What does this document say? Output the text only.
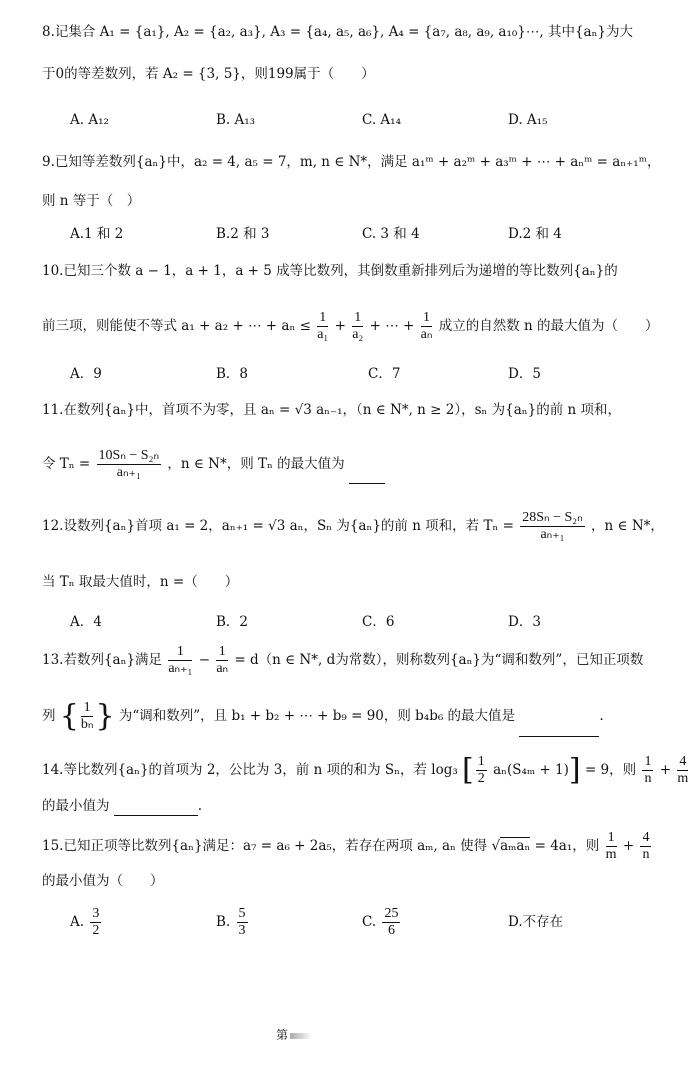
8.记集合 A₁ = {a₁}, A₂ = {a₂, a₃}, A₃ = {a₄, a₅, a₆}, A₄ = {a₇, a₈, a₉, a₁₀}⋯, 其中{aₙ}为大
于0的等差数列，若 A₂ = {3, 5}，则199属于（　　）
A. A₁₂	B. A₁₃	C. A₁₄	D. A₁₅
9.已知等差数列{aₙ}中，a₂ = 4, a₅ = 7，m, n ∈ N*，满足 a₁ᵐ + a₂ᵐ + a₃ᵐ + ⋯ + aₙᵐ = aₙ₊₁ᵐ，
则 n 等于（　）
A.1 和 2	B.2 和 3	C. 3 和 4	D.2 和 4
10.已知三个数 a − 1，a + 1，a + 5 成等比数列，其倒数重新排列后为递增的等比数列{aₙ}的
前三项，则能使不等式 a₁ + a₂ + ⋯ + $a_n \le \frac{1}{\text{a₁}} + \frac{1}{\text{a₂}}$ + ⋯ + $\frac{1}{\text{aₙ}}$ 成立的自然数 n 的最大值为（　　）
A．9	B．8	C．7	D．5
11.在数列{aₙ}中，首项不为零，且 aₙ = √3 aₙ₋₁，（n ∈ N*, n ≥ 2），sₙ 为{aₙ}的前 n 项和，
令 $T_n = \frac{\text{10Sₙ − S₂ₙ}}{\text{aₙ₊₁}}$ ，n ∈ N*，则 Tₙ 的最大值为
12.设数列{aₙ}首项 a₁ = 2，aₙ₊₁ = √3 aₙ，Sₙ 为{aₙ}的前 n 项和，若 $T_n = \frac{\text{28Sₙ − S₂ₙ}}{\text{aₙ₊₁}}$ ，n ∈ N*，
当 Tₙ 取最大值时，n =（　　）
A．4	B．2	C．6	D．3
13.若数列{aₙ}满足 $\frac{1}{\text{aₙ₊₁}} - \frac{1}{\text{aₙ}} = d(n$ ∈ N*, d为常数），则称数列{aₙ}为“调和数列”，已知正项数
列 { $\frac{1}{\text{bₙ}}$ } 为“调和数列”，且 b₁ + b₂ + ⋯ + b₉ = 90，则 b₄b₆ 的最大值是	.
14.等比数列{aₙ}的首项为 2，公比为 3，前 n 项的和为 Sₙ，若 log₃ [ $\frac{1}{2} a_n(S_{4m} + 1)] = 9$，则 $\frac{1}{n} + \frac{4}{m}$
的最小值为	.
15.已知正项等比数列{aₙ}满足：a₇ = a₆ + 2a₅，若存在两项 aₘ, aₙ 使得 √aₘaₙ = 4a₁，则 $\frac{1}{m} + \frac{4}{n}$
的最小值为（　　）
A. $\frac{3}{2}$	B. $\frac{5}{3}$	C. $\frac{25}{6}$	D.不存在
第
